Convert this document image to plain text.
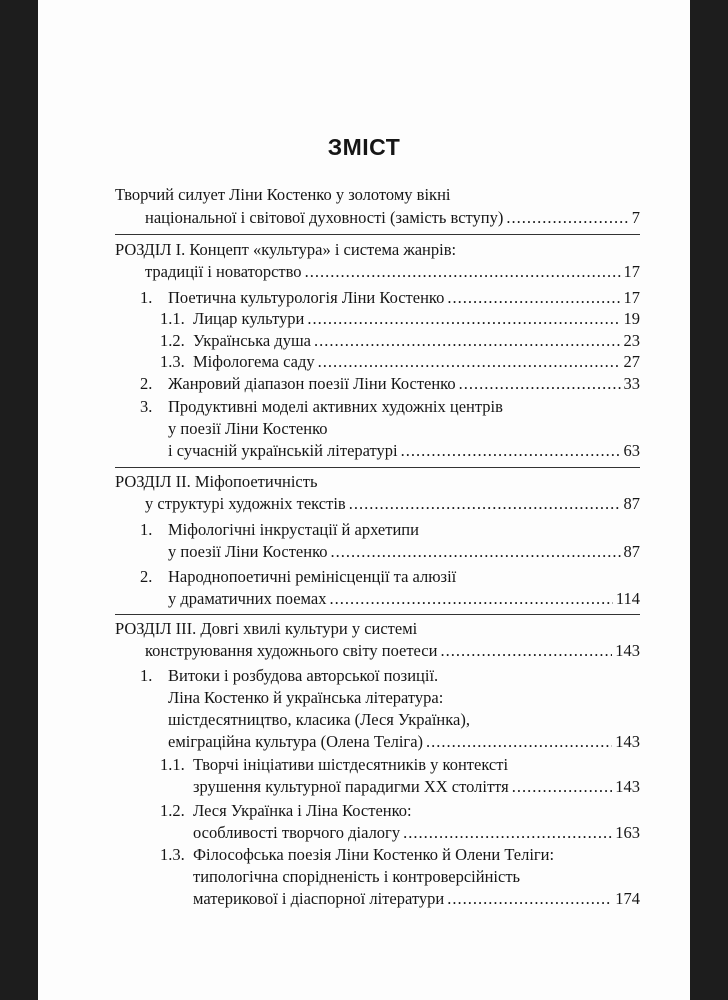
ЗМІСТ
Творчий силует Ліни Костенко у золотому вікні
національної і світової духовності (замість вступу) .....	7
РОЗДІЛ І. Концепт «культура» і система жанрів:
традиції і новаторство .....	17
1. Поетична культурологія Ліни Костенко .....	17
1.1. Лицар культури .....	19
1.2. Українська душа .....	23
1.3. Міфологема саду .....	27
2. Жанровий діапазон поезії Ліни Костенко .....	33
3. Продуктивні моделі активних художніх центрів
у поезії Ліни Костенко
і сучасній українській літературі .....	63
РОЗДІЛ ІІ. Міфопоетичність
у структурі художніх текстів .....	87
1. Міфологічні інкрустації й архетипи
у поезії Ліни Костенко .....	87
2. Народнопоетичні ремінісценції та алюзії
у драматичних поемах .....	114
РОЗДІЛ ІІІ. Довгі хвилі культури у системі
конструювання художнього світу поетеси .....	143
1. Витоки і розбудова авторської позиції.
Ліна Костенко й українська література:
шістдесятництво, класика (Леся Українка),
еміграційна культура (Олена Теліга) .....	143
1.1. Творчі ініціативи шістдесятників у контексті
зрушення культурної парадигми XX століття .....	143
1.2. Леся Українка і Ліна Костенко:
особливості творчого діалогу .....	163
1.3. Філософська поезія Ліни Костенко й Олени Теліги:
типологічна спорідненість і контроверсійність
материкової і діаспорної літератури .....	174
